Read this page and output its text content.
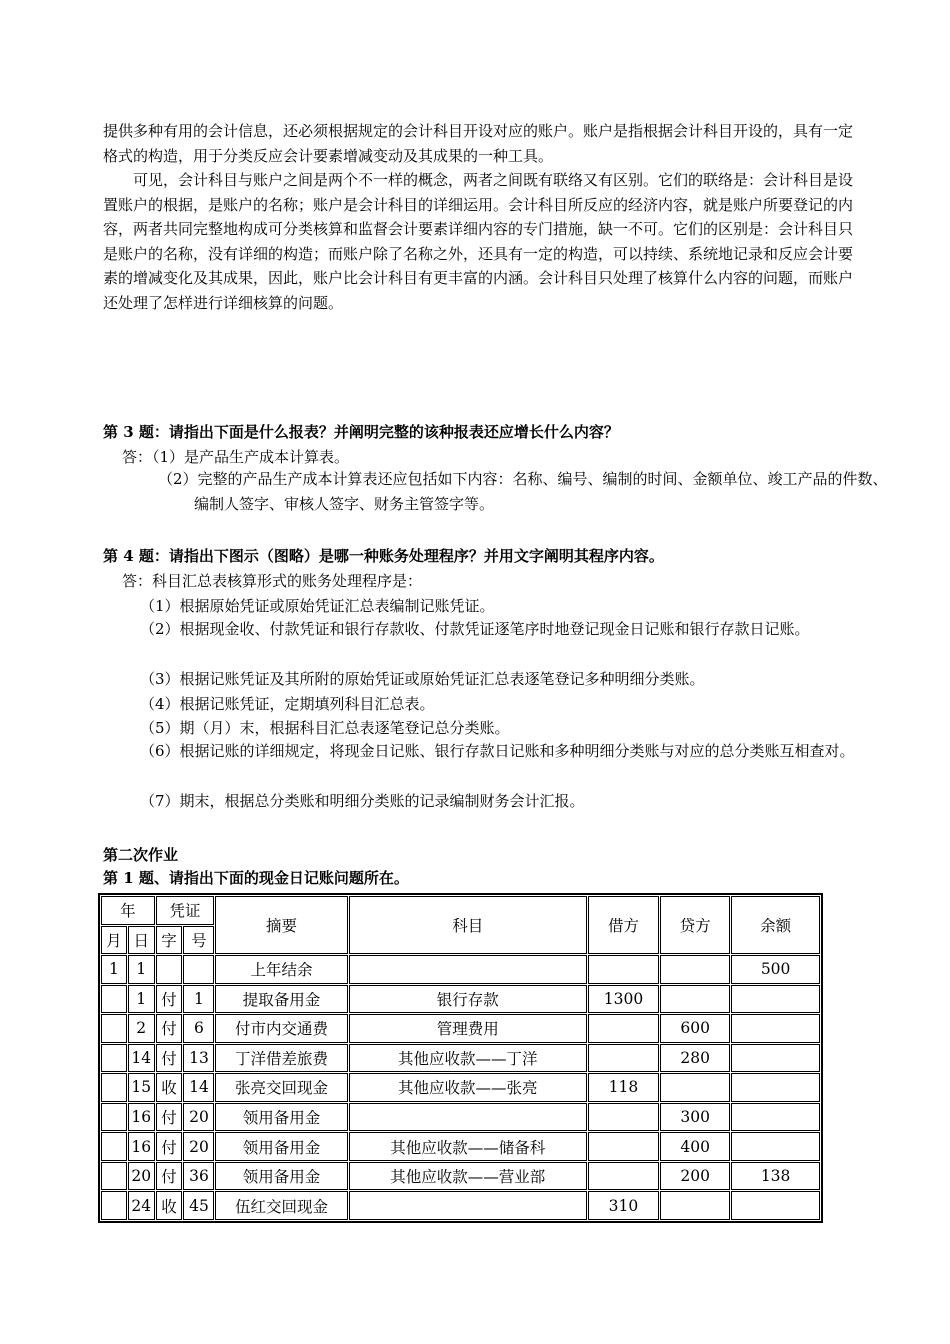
提供多种有用的会计信息，还必须根据规定的会计科目开设对应的账户。账户是指根据会计科目开设的，具有一定格式的构造，用于分类反应会计要素增减变动及其成果的一种工具。

可见，会计科目与账户之间是两个不一样的概念，两者之间既有联络又有区别。它们的联络是：会计科目是设置账户的根据，是账户的名称；账户是会计科目的详细运用。会计科目所反应的经济内容，就是账户所要登记的内容，两者共同完整地构成可分类核算和监督会计要素详细内容的专门措施，缺一不可。它们的区别是：会计科目只是账户的名称，没有详细的构造；而账户除了名称之外，还具有一定的构造，可以持续、系统地记录和反应会计要素的增减变化及其成果，因此，账户比会计科目有更丰富的内涵。会计科目只处理了核算什么内容的问题，而账户还处理了怎样进行详细核算的问题。

第 3 题：请指出下面是什么报表？并阐明完整的该种报表还应增长什么内容？

答：（1）是产品生产成本计算表。

（2）完整的产品生产成本计算表还应包括如下内容：名称、编号、编制的时间、金额单位、竣工产品的件数、编制人签字、审核人签字、财务主管签字等。

第 4 题：请指出下图示（图略）是哪一种账务处理程序？并用文字阐明其程序内容。

答：科目汇总表核算形式的账务处理程序是：

（1）根据原始凭证或原始凭证汇总表编制记账凭证。

（2）根据现金收、付款凭证和银行存款收、付款凭证逐笔序时地登记现金日记账和银行存款日记账。

（3）根据记账凭证及其所附的原始凭证或原始凭证汇总表逐笔登记多种明细分类账。

（4）根据记账凭证，定期填列科目汇总表。

（5）期（月）末，根据科目汇总表逐笔登记总分类账。

（6）根据记账的详细规定，将现金日记账、银行存款日记账和多种明细分类账与对应的总分类账互相查对。

（7）期末，根据总分类账和明细分类账的记录编制财务会计汇报。

第二次作业

第 1 题、请指出下面的现金日记账问题所在。

年		凭证		摘要	科目	借方	贷方	余额
月	日	字	号					
1	1			上年结余				500
	1	付	1	提取备用金	银行存款	1300		
	2	付	6	付市内交通费	管理费用		600	
	14	付	13	丁洋借差旅费	其他应收款——丁洋		280	
	15	收	14	张亮交回现金	其他应收款——张亮	118		
	16	付	20	领用备用金			300	
	16	付	20	领用备用金	其他应收款——储备科		400	
	20	付	36	领用备用金	其他应收款——营业部		200	138
	24	收	45	伍红交回现金		310		
